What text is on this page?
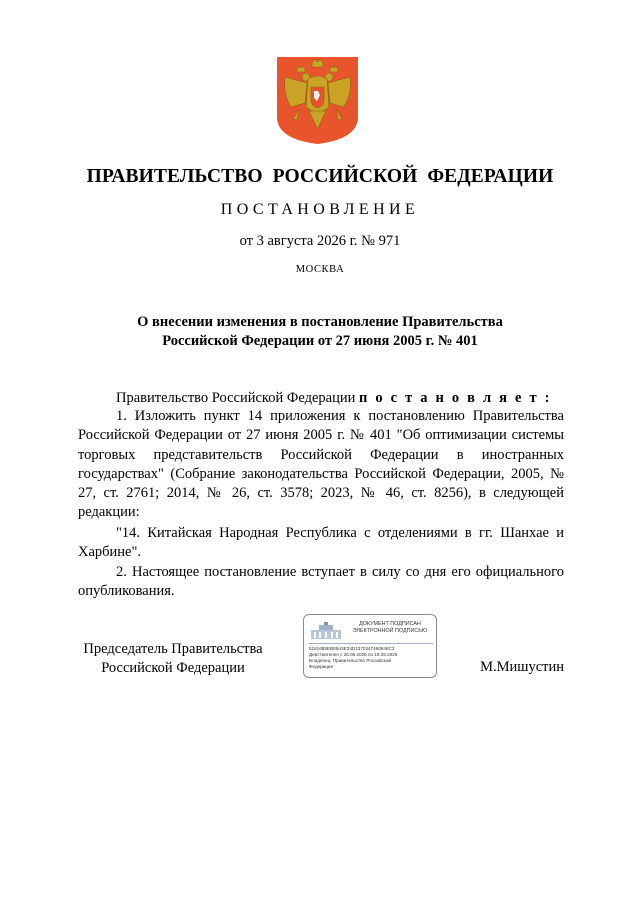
ПРАВИТЕЛЬСТВО  РОССИЙСКОЙ  ФЕДЕРАЦИИ
ПОСТАНОВЛЕНИЕ
от 3 августа 2026 г. № 971
МОСКВА
О внесении изменения в постановление Правительства
Российской Федерации от 27 июня 2005 г. № 401

Правительство Российской Федерации п о с т а н о в л я е т :

1. Изложить пункт 14 приложения к постановлению Правительства Российской Федерации от 27 июня 2005 г. № 401 "Об оптимизации системы торговых представительств Российской Федерации в иностранных государствах" (Собрание законодательства Российской Федерации, 2005, № 27, ст. 2761; 2014, № 26, ст. 3578; 2023, № 46, ст. 8256), в следующей редакции:

"14. Китайская Народная Республика с отделениями в гг. Шанхае и Харбине".

2. Настоящее постановление вступает в силу со дня его официального опубликования.

Председатель Правительства
Российской Федерации
ДОКУМЕНТ ПОДПИСАН
ЭЛЕКТРОННОЙ ПОДПИСЬЮ
5181688EB05A3E34D1370247460948C3
Действителен с 26.06.2025 по 19.09.2026
Владелец: Правительство Российской
Федерация	М.Мишустин
